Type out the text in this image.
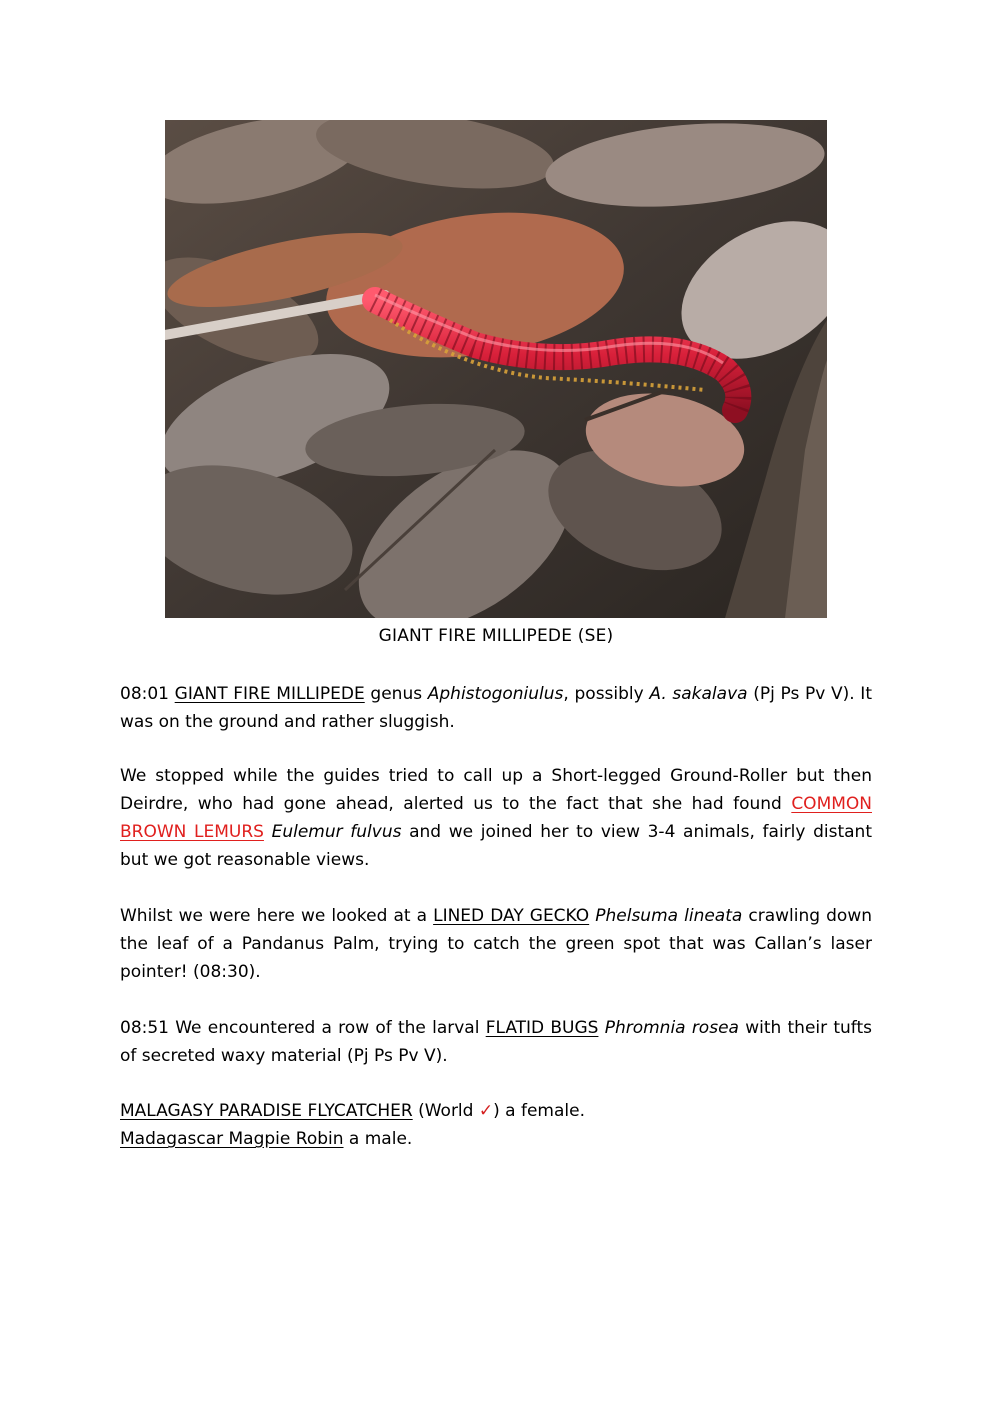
GIANT FIRE MILLIPEDE (SE)
08:01 GIANT FIRE MILLIPEDE genus Aphistogoniulus, possibly A. sakalava (Pj Ps Pv V). It was on the ground and rather sluggish.
We stopped while the guides tried to call up a Short-legged Ground-Roller but then Deirdre, who had gone ahead, alerted us to the fact that she had found COMMON BROWN LEMURS Eulemur fulvus and we joined her to view 3-4 animals, fairly distant but we got reasonable views.
Whilst we were here we looked at a LINED DAY GECKO Phelsuma lineata crawling down the leaf of a Pandanus Palm, trying to catch the green spot that was Callan’s laser pointer! (08:30).
08:51 We encountered a row of the larval FLATID BUGS Phromnia rosea with their tufts of secreted waxy material (Pj Ps Pv V).
MALAGASY PARADISE FLYCATCHER (World ✓) a female.
Madagascar Magpie Robin a male.
